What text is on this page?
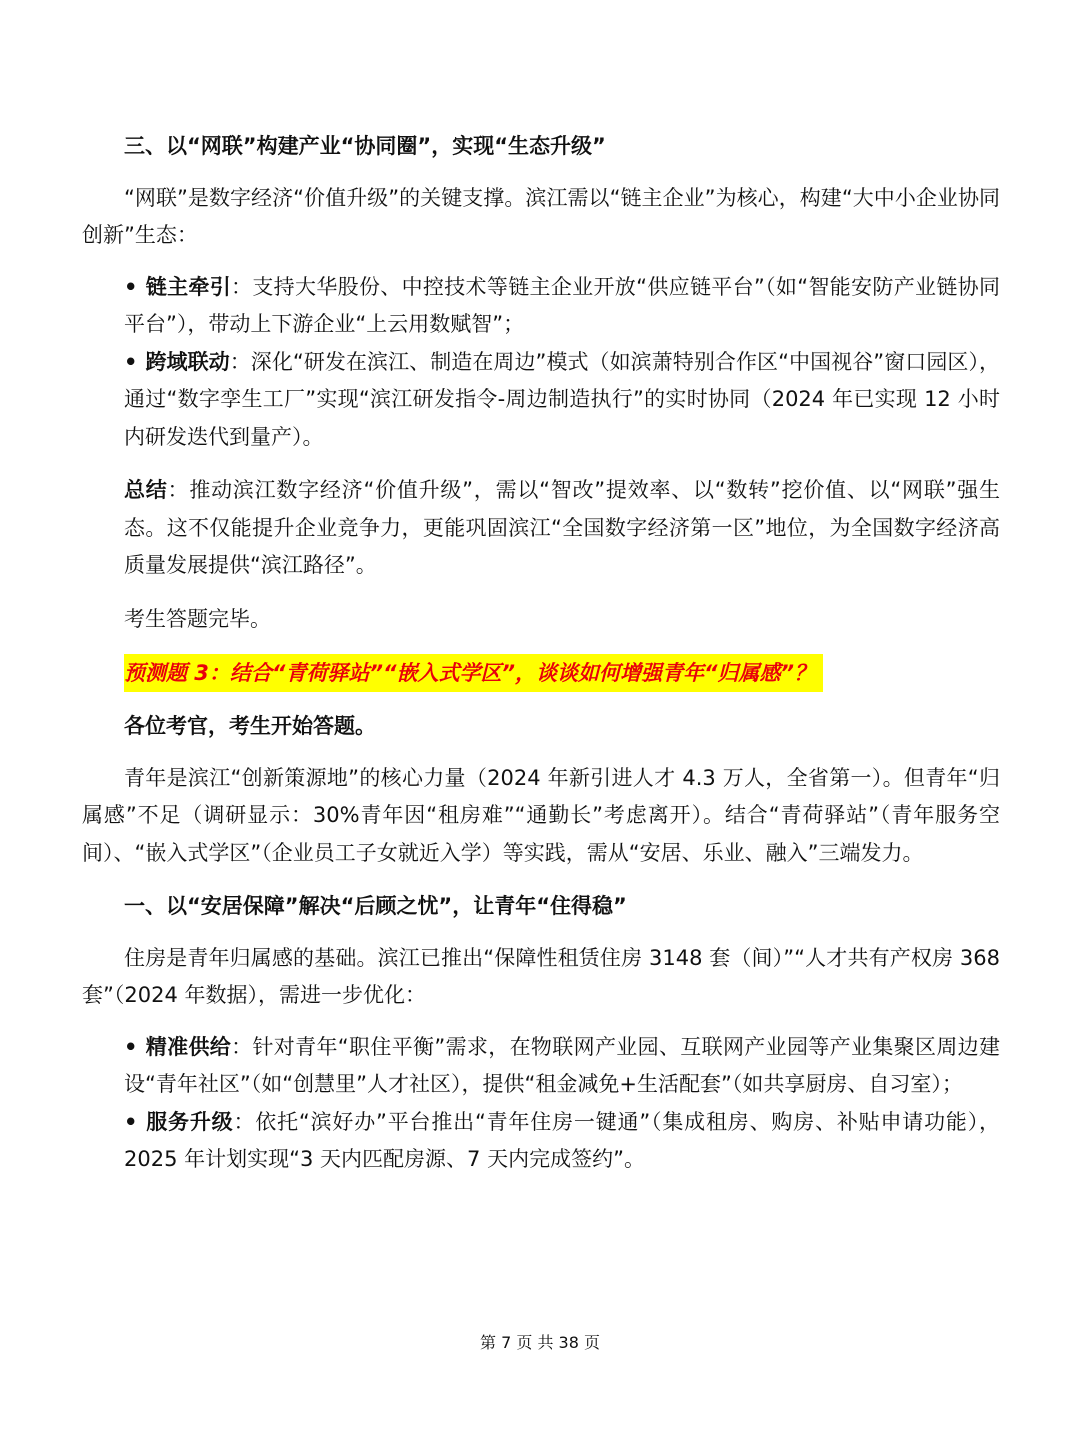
三、以“网联”构建产业“协同圈”，实现“生态升级”

“网联”是数字经济“价值升级”的关键支撑。滨江需以“链主企业”为核心，构建“大中小企业协同创新”生态：

• 链主牵引：支持大华股份、中控技术等链主企业开放“供应链平台”（如“智能安防产业链协同平台”），带动上下游企业“上云用数赋智”；

• 跨域联动：深化“研发在滨江、制造在周边”模式（如滨萧特别合作区“中国视谷”窗口园区），通过“数字孪生工厂”实现“滨江研发指令-周边制造执行”的实时协同（2024 年已实现 12 小时内研发迭代到量产）。

总结：推动滨江数字经济“价值升级”，需以“智改”提效率、以“数转”挖价值、以“网联”强生态。这不仅能提升企业竞争力，更能巩固滨江“全国数字经济第一区”地位，为全国数字经济高质量发展提供“滨江路径”。

考生答题完毕。

预测题 3：结合“青荷驿站”“嵌入式学区”，谈谈如何增强青年“归属感”？

各位考官，考生开始答题。

青年是滨江“创新策源地”的核心力量（2024 年新引进人才 4.3 万人，全省第一）。但青年“归属感”不足（调研显示：30%青年因“租房难”“通勤长”考虑离开）。结合“青荷驿站”（青年服务空间）、“嵌入式学区”（企业员工子女就近入学）等实践，需从“安居、乐业、融入”三端发力。

一、以“安居保障”解决“后顾之忧”，让青年“住得稳”

住房是青年归属感的基础。滨江已推出“保障性租赁住房 3148 套（间）”“人才共有产权房 368 套”（2024 年数据），需进一步优化：

• 精准供给：针对青年“职住平衡”需求，在物联网产业园、互联网产业园等产业集聚区周边建设“青年社区”（如“创慧里”人才社区），提供“租金减免+生活配套”（如共享厨房、自习室）；

• 服务升级：依托“滨好办”平台推出“青年住房一键通”（集成租房、购房、补贴申请功能），2025 年计划实现“3 天内匹配房源、7 天内完成签约”。

第 7 页 共 38 页
